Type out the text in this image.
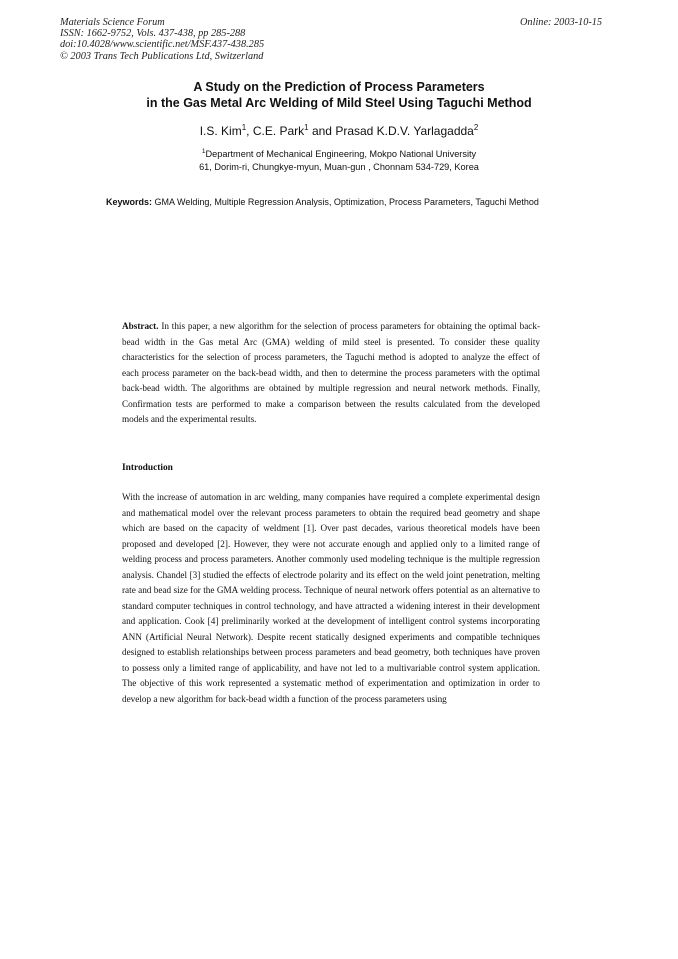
Materials Science Forum
ISSN: 1662-9752, Vols. 437-438, pp 285-288
doi:10.4028/www.scientific.net/MSF.437-438.285
© 2003 Trans Tech Publications Ltd, Switzerland
Online: 2003-10-15
A Study on the Prediction of Process Parameters
in the Gas Metal Arc Welding of Mild Steel Using Taguchi Method
I.S. Kim$^1$, C.E. Park$^1$ and Prasad K.D.V. Yarlagadda$^2$
$^1$Department of Mechanical Engineering, Mokpo National University
61, Dorim-ri, Chungkye-myun, Muan-gun , Chonnam 534-729, Korea
Keywords: GMA Welding, Multiple Regression Analysis, Optimization, Process Parameters, Taguchi Method
Abstract. In this paper, a new algorithm for the selection of process parameters for obtaining the optimal back-bead width in the Gas metal Arc (GMA) welding of mild steel is presented. To consider these quality characteristics for the selection of process parameters, the Taguchi method is adopted to analyze the effect of each process parameter on the back-bead width, and then to determine the process parameters with the optimal back-bead width. The algorithms are obtained by multiple regression and neural network methods. Finally, Confirmation tests are performed to make a comparison between the results calculated from the developed models and the experimental results.
Introduction
With the increase of automation in arc welding, many companies have required a complete experimental design and mathematical model over the relevant process parameters to obtain the required bead geometry and shape which are based on the capacity of weldment [1]. Over past decades, various theoretical models have been proposed and developed [2]. However, they were not accurate enough and applied only to a limited range of welding process and process parameters. Another commonly used modeling technique is the multiple regression analysis. Chandel [3] studied the effects of electrode polarity and its effect on the weld joint penetration, melting rate and bead size for the GMA welding process. Technique of neural network offers potential as an alternative to standard computer techniques in control technology, and have attracted a widening interest in their development and application. Cook [4] preliminarily worked at the development of intelligent control systems incorporating ANN (Artificial Neural Network). Despite recent statically designed experiments and compatible techniques designed to establish relationships between process parameters and bead geometry, both techniques have proven to possess only a limited range of applicability, and have not led to a multivariable control system application. The objective of this work represented a systematic method of experimentation and optimization in order to develop a new algorithm for back-bead width a function of the process parameters using
